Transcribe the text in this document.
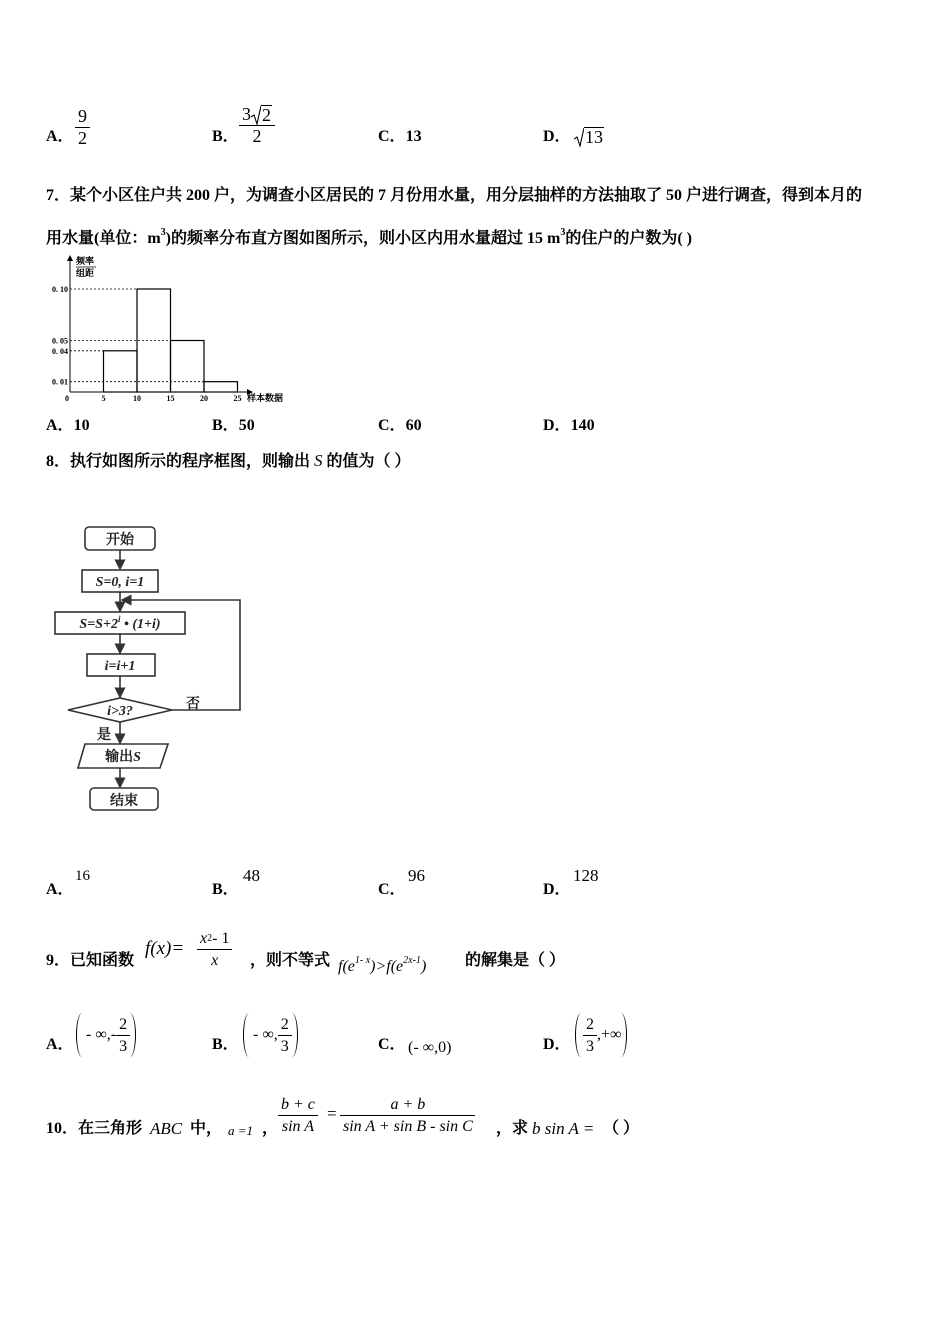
A． $\frac{9}{2}$	B． $\frac{3 2}{2}$	C．13	D． 13
7．某个小区住户共 200 户，为调查小区居民的 7 月份用水量，用分层抽样的方法抽取了 50 户进行调查，得到本月的
用水量(单位：$m^3$)的频率分布直方图如图所示，则小区内用水量超过 15 $m^3$的住户的户数为( )
频率
组距
样本数据
0. 10
0. 05
0. 04
0. 01
0	5	10	15	20	25
A．10	B．50	C．60	D．140
8．执行如图所示的程序框图，则输出 S 的值为（ ）
开始
S=0, i=1
$S=S+2^i$ • (1+i)
i=i+1
i>3?	否
是
输出S
结束
A．
16
B．
48
C．
96
D．
128
9．已知函数
$f(x)= \frac{x 2 - 1}{x}$ ，则不等式 $f(e^{1- x})>f(e^{2x-1})$ 的解集是（ ）
A．
- ∞,- $\frac{2}{3}$	B．
- ∞, $\frac{2}{3}$	C． (- ∞,0)	D． $\frac{2}{3}$ ,+∞
10．在三角形 ABC 中， a =1 ， $\frac{b + c}{\text{sin A}} = \frac{a + b}{\text{sin A + sin B - sin C}}$ ，求 b sin A = （ ）
